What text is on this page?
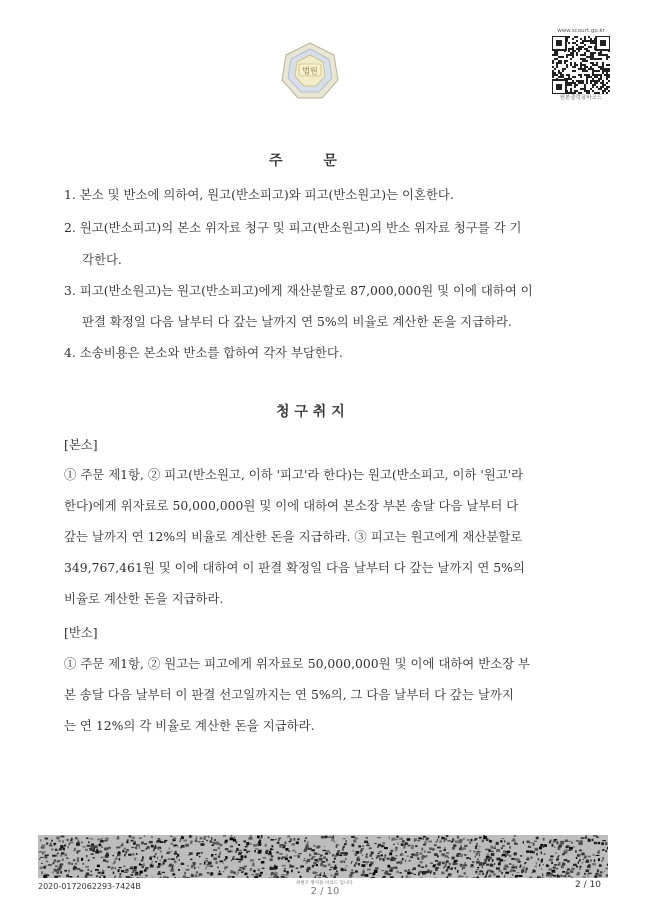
법원
www.scourt.go.kr
원본출력용바코드
주 문
1. 본소 및 반소에 의하여, 원고(반소피고)와 피고(반소원고)는 이혼한다.
2. 원고(반소피고)의 본소 위자료 청구 및 피고(반소원고)의 반소 위자료 청구를 각 기
각한다.
3. 피고(반소원고)는 원고(반소피고)에게 재산분할로 87,000,000원 및 이에 대하여 이
판결 확정일 다음 날부터 다 갚는 날까지 연 5%의 비율로 계산한 돈을 지급하라.
4. 소송비용은 본소와 반소를 합하여 각자 부담한다.
청 구 취 지
[본소]
① 주문 제1항, ② 피고(반소원고, 이하 '피고'라 한다)는 원고(반소피고, 이하 '원고'라
한다)에게 위자료로 50,000,000원 및 이에 대하여 본소장 부본 송달 다음 날부터 다
갚는 날까지 연 12%의 비율로 계산한 돈을 지급하라. ③ 피고는 원고에게 재산분할로
349,767,461원 및 이에 대하여 이 판결 확정일 다음 날부터 다 갚는 날까지 연 5%의
비율로 계산한 돈을 지급하라.
[반소]
① 주문 제1항, ② 원고는 피고에게 위자료로 50,000,000원 및 이에 대하여 반소장 부
본 송달 다음 날부터 이 판결 선고일까지는 연 5%의, 그 다음 날부터 다 갚는 날까지
는 연 12%의 각 비율로 계산한 돈을 지급하라.
2020-0172062293-7424B	위변조 방지용 바코드 입니다.
2 / 10
2 / 10
